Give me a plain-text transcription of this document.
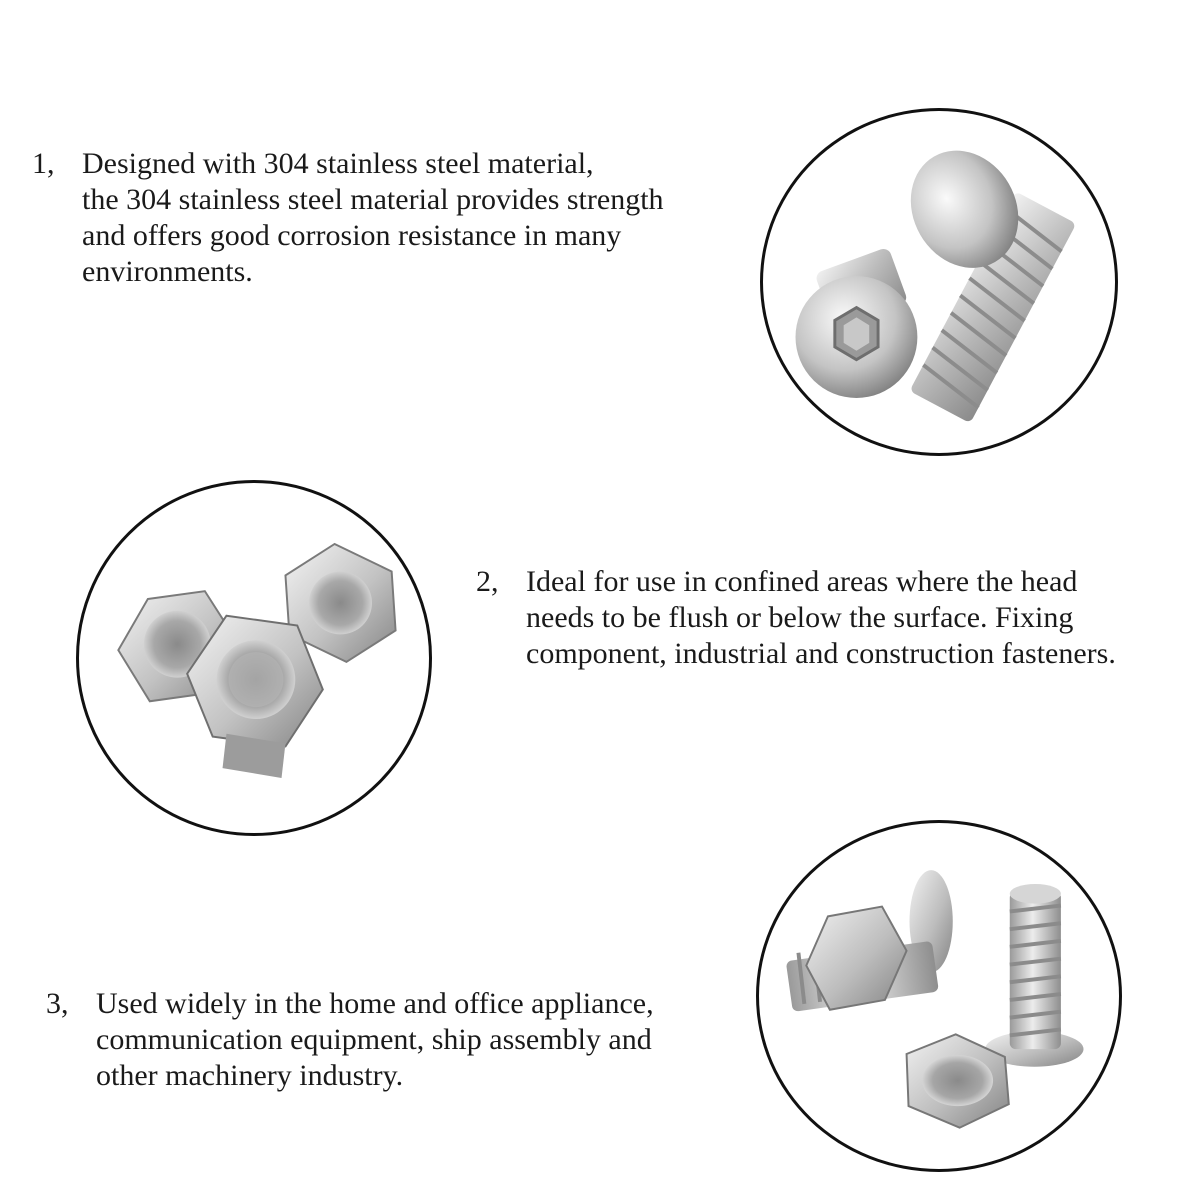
1, Designed with 304 stainless steel material,
the 304 stainless steel material provides strength
and offers good corrosion resistance in many
environments.
2, Ideal for use in confined areas where the head
needs to be flush or below the surface. Fixing
component, industrial and construction fasteners.
3, Used widely in the home and office appliance,
communication equipment, ship assembly and
other machinery industry.
